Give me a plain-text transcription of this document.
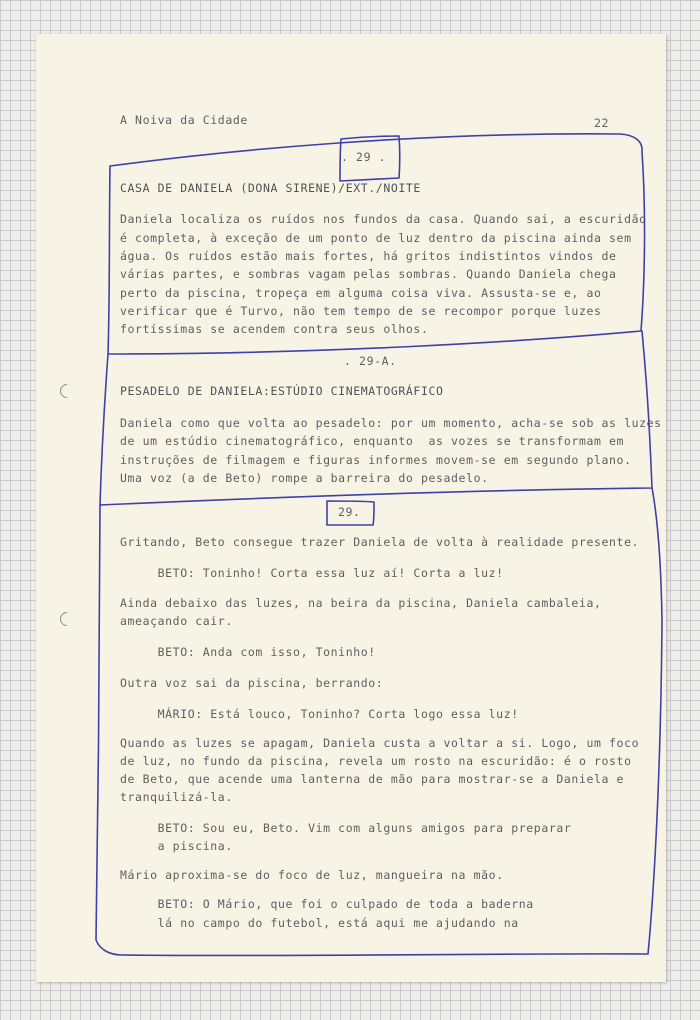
A Noiva da Cidade	22

. 29 .

CASA DE DANIELA (DONA SIRENE)/EXT./NOITE

Daniela localiza os ruídos nos fundos da casa. Quando sai, a escuridão

é completa, à exceção de um ponto de luz dentro da piscina ainda sem

água. Os ruídos estão mais fortes, há gritos indistintos vindos de

várias partes, e sombras vagam pelas sombras. Quando Daniela chega

perto da piscina, tropeça em alguma coisa viva. Assusta-se e, ao

verificar que é Turvo, não tem tempo de se recompor porque luzes

fortíssimas se acendem contra seus olhos.

. 29-A.

PESADELO DE DANIELA:ESTÚDIO CINEMATOGRÁFICO

Daniela como que volta ao pesadelo: por um momento, acha-se sob as luzes

de um estúdio cinematográfico, enquanto  as vozes se transformam em

instruções de filmagem e figuras informes movem-se em segundo plano.

Uma voz (a de Beto) rompe a barreira do pesadelo.

29.

Gritando, Beto consegue trazer Daniela de volta à realidade presente.

BETO: Toninho! Corta essa luz aí! Corta a luz!

Ainda debaixo das luzes, na beira da piscina, Daniela cambaleia,

ameaçando cair.

BETO: Anda com isso, Toninho!

Outra voz sai da piscina, berrando:

MÁRIO: Está louco, Toninho? Corta logo essa luz!

Quando as luzes se apagam, Daniela custa a voltar a si. Logo, um foco

de luz, no fundo da piscina, revela um rosto na escuridão: é o rosto

de Beto, que acende uma lanterna de mão para mostrar-se a Daniela e

tranquilizá-la.

BETO: Sou eu, Beto. Vim com alguns amigos para preparar

a piscina.

Mário aproxima-se do foco de luz, mangueira na mão.

BETO: O Mário, que foi o culpado de toda a baderna

lá no campo do futebol, está aqui me ajudando na
